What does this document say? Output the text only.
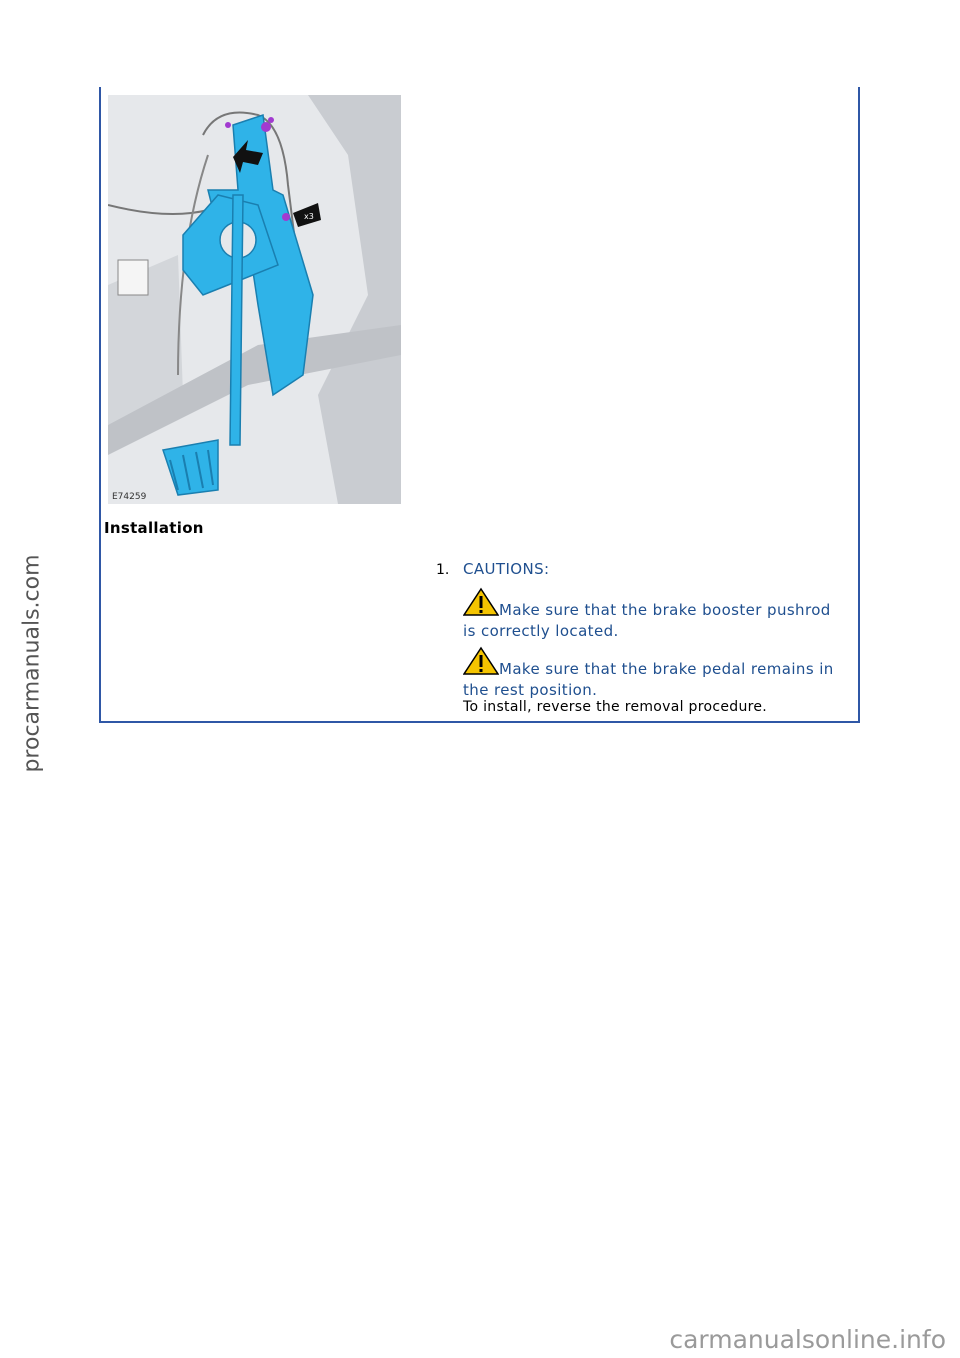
x3
E74259
Installation
1. CAUTIONS:
Make sure that the brake booster pushrod is correctly located.
Make sure that the brake pedal remains in the rest position.
To install, reverse the removal procedure.
procarmanuals.com
carmanualsonline.info
